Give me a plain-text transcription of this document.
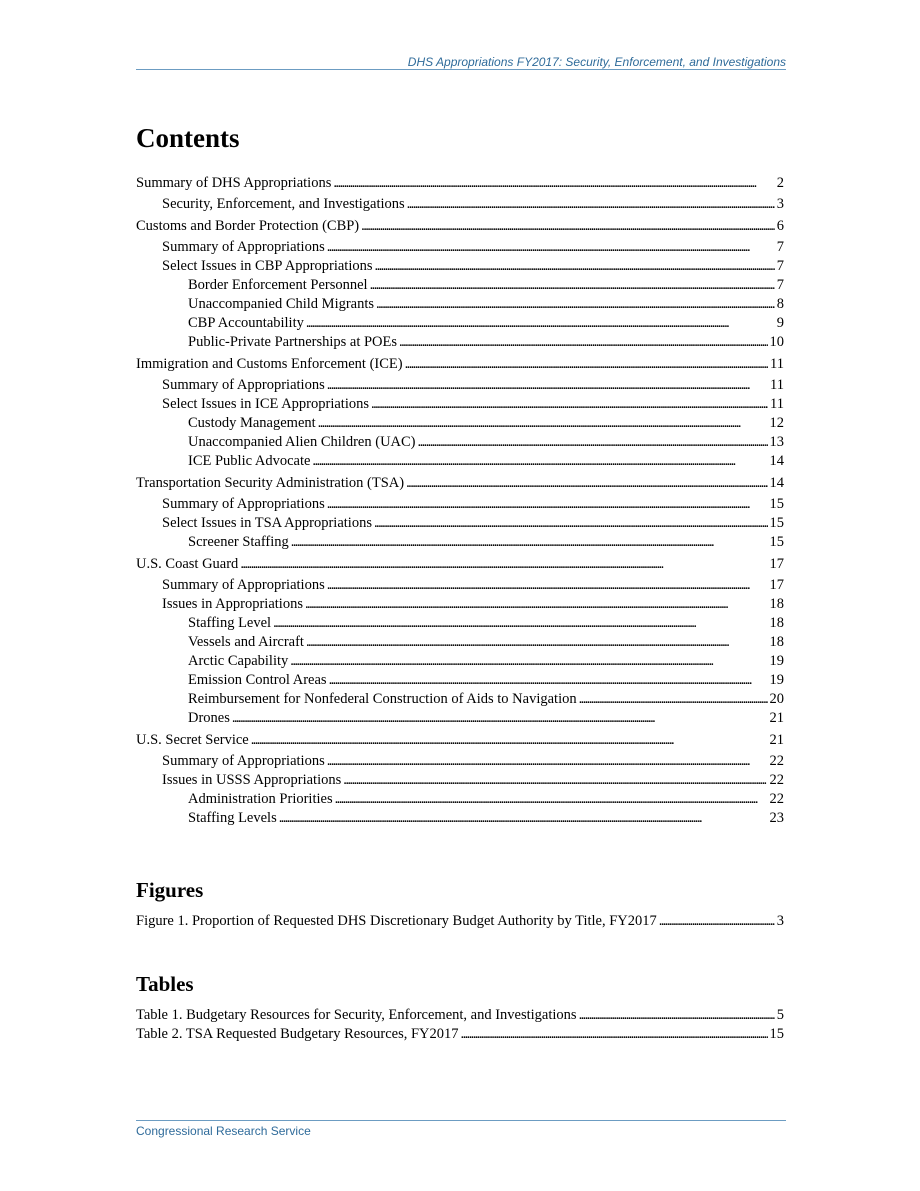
DHS Appropriations FY2017: Security, Enforcement, and Investigations
Contents
Summary of DHS Appropriations . . .	2
Security, Enforcement, and Investigations . . .	3
Customs and Border Protection (CBP) . . .	6
Summary of Appropriations . . .	7
Select Issues in CBP Appropriations . . .	7
Border Enforcement Personnel . . .	7
Unaccompanied Child Migrants . . .	8
CBP Accountability . . .	9
Public-Private Partnerships at POEs . . .	10
Immigration and Customs Enforcement (ICE) . . .	11
Summary of Appropriations . . .	11
Select Issues in ICE Appropriations . . .	11
Custody Management . . .	12
Unaccompanied Alien Children (UAC) . . .	13
ICE Public Advocate . . .	14
Transportation Security Administration (TSA) . . .	14
Summary of Appropriations . . .	15
Select Issues in TSA Appropriations . . .	15
Screener Staffing . . .	15
U.S. Coast Guard . . .	17
Summary of Appropriations . . .	17
Issues in Appropriations . . .	18
Staffing Level . . .	18
Vessels and Aircraft . . .	18
Arctic Capability . . .	19
Emission Control Areas . . .	19
Reimbursement for Nonfederal Construction of Aids to Navigation . . .	20
Drones . . .	21
U.S. Secret Service . . .	21
Summary of Appropriations . . .	22
Issues in USSS Appropriations . . .	22
Administration Priorities . . .	22
Staffing Levels . . .	23
Figures
Figure 1. Proportion of Requested DHS Discretionary Budget Authority by Title, FY2017 . . .	3
Tables
Table 1. Budgetary Resources for Security, Enforcement, and Investigations . . .	5
Table 2. TSA Requested Budgetary Resources, FY2017 . . .	15
Congressional Research Service
